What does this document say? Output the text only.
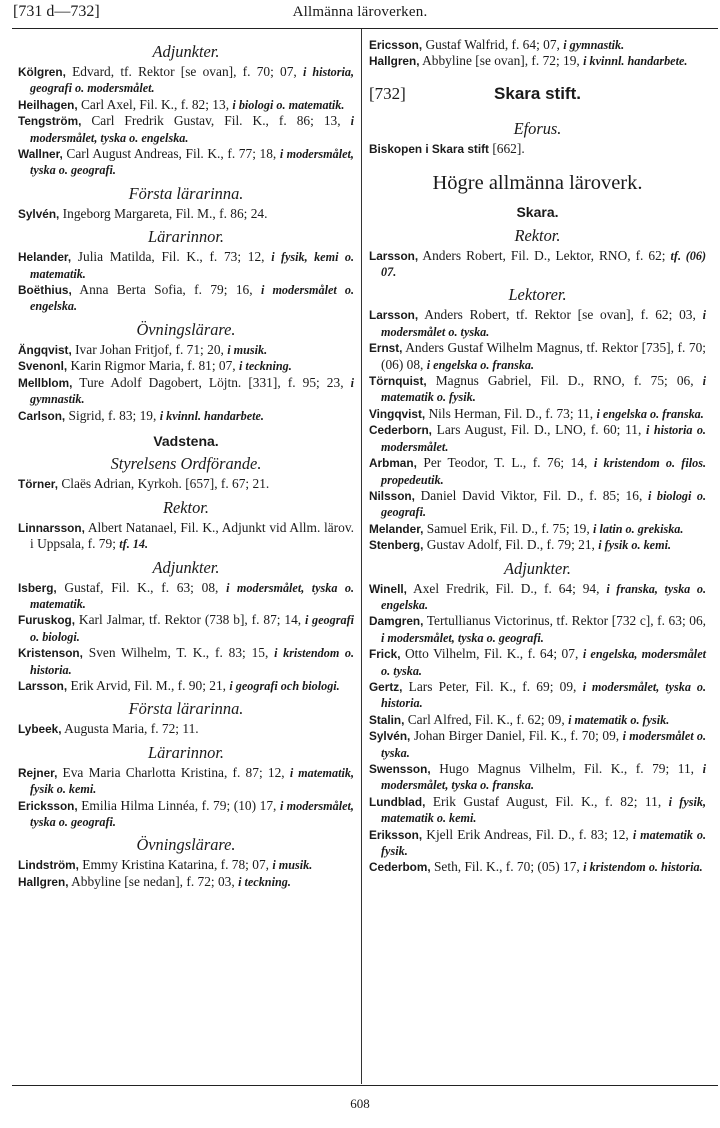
[731 d—732]	Allmänna läroverken.
Adjunkter.

Kölgren, Edvard, tf. Rektor [se ovan], f. 70; 07, i historia, geografi o. modersmålet.

Heilhagen, Carl Axel, Fil. K., f. 82; 13, i biologi o. matematik.

Tengström, Carl Fredrik Gustav, Fil. K., f. 86; 13, i modersmålet, tyska o. engelska.

Wallner, Carl August Andreas, Fil. K., f. 77; 18, i modersmålet, tyska o. geografi.

Första lärarinna.

Sylvén, Ingeborg Margareta, Fil. M., f. 86; 24.

Lärarinnor.

Helander, Julia Matilda, Fil. K., f. 73; 12, i fysik, kemi o. matematik.

Boëthius, Anna Berta Sofia, f. 79; 16, i modersmålet o. engelska.

Övningslärare.

Ängqvist, Ivar Johan Fritjof, f. 71; 20, i musik.

Svenonl, Karin Rigmor Maria, f. 81; 07, i teckning.

Mellblom, Ture Adolf Dagobert, Löjtn. [331], f. 95; 23, i gymnastik.

Carlson, Sigrid, f. 83; 19, i kvinnl. handarbete.

Vadstena.
Styrelsens Ordförande.

Törner, Claës Adrian, Kyrkoh. [657], f. 67; 21.

Rektor.

Linnarsson, Albert Natanael, Fil. K., Adjunkt vid Allm. lärov. i Uppsala, f. 79; tf. 14.

Adjunkter.

Isberg, Gustaf, Fil. K., f. 63; 08, i modersmålet, tyska o. matematik.

Furuskog, Karl Jalmar, tf. Rektor (738 b], f. 87; 14, i geografi o. biologi.

Kristenson, Sven Wilhelm, T. K., f. 83; 15, i kristendom o. historia.

Larsson, Erik Arvid, Fil. M., f. 90; 21, i geografi och biologi.

Första lärarinna.

Lybeek, Augusta Maria, f. 72; 11.

Lärarinnor.

Rejner, Eva Maria Charlotta Kristina, f. 87; 12, i matematik, fysik o. kemi.

Ericksson, Emilia Hilma Linnéa, f. 79; (10) 17, i modersmålet, tyska o. geografi.

Övningslärare.

Lindström, Emmy Kristina Katarina, f. 78; 07, i musik.

Hallgren, Abbyline [se nedan], f. 72; 03, i teckning.

Ericsson, Gustaf Walfrid, f. 64; 07, i gymnastik.

Hallgren, Abbyline [se ovan], f. 72; 19, i kvinnl. handarbete.

[732]	Skara stift.
Eforus.

Biskopen i Skara stift [662].

Högre allmänna läroverk.
Skara.
Rektor.

Larsson, Anders Robert, Fil. D., Lektor, RNO, f. 62; tf. (06) 07.

Lektorer.

Larsson, Anders Robert, tf. Rektor [se ovan], f. 62; 03, i modersmålet o. tyska.

Ernst, Anders Gustaf Wilhelm Magnus, tf. Rektor [735], f. 70; (06) 08, i engelska o. franska.

Törnquist, Magnus Gabriel, Fil. D., RNO, f. 75; 06, i matematik o. fysik.

Vingqvist, Nils Herman, Fil. D., f. 73; 11, i engelska o. franska.

Cederborn, Lars August, Fil. D., LNO, f. 60; 11, i historia o. modersmålet.

Arbman, Per Teodor, T. L., f. 76; 14, i kristendom o. filos. propedeutik.

Nilsson, Daniel David Viktor, Fil. D., f. 85; 16, i biologi o. geografi.

Melander, Samuel Erik, Fil. D., f. 75; 19, i latin o. grekiska.

Stenberg, Gustav Adolf, Fil. D., f. 79; 21, i fysik o. kemi.

Adjunkter.

Winell, Axel Fredrik, Fil. D., f. 64; 94, i franska, tyska o. engelska.

Damgren, Tertullianus Victorinus, tf. Rektor [732 c], f. 63; 06, i modersmålet, tyska o. geografi.

Frick, Otto Vilhelm, Fil. K., f. 64; 07, i engelska, modersmålet o. tyska.

Gertz, Lars Peter, Fil. K., f. 69; 09, i modersmålet, tyska o. historia.

Stalin, Carl Alfred, Fil. K., f. 62; 09, i matematik o. fysik.

Sylvén, Johan Birger Daniel, Fil. K., f. 70; 09, i modersmålet o. tyska.

Swensson, Hugo Magnus Vilhelm, Fil. K., f. 79; 11, i modersmålet, tyska o. franska.

Lundblad, Erik Gustaf August, Fil. K., f. 82; 11, i fysik, matematik o. kemi.

Eriksson, Kjell Erik Andreas, Fil. D., f. 83; 12, i matematik o. fysik.

Cederbom, Seth, Fil. K., f. 70; (05) 17, i kristendom o. historia.

608
